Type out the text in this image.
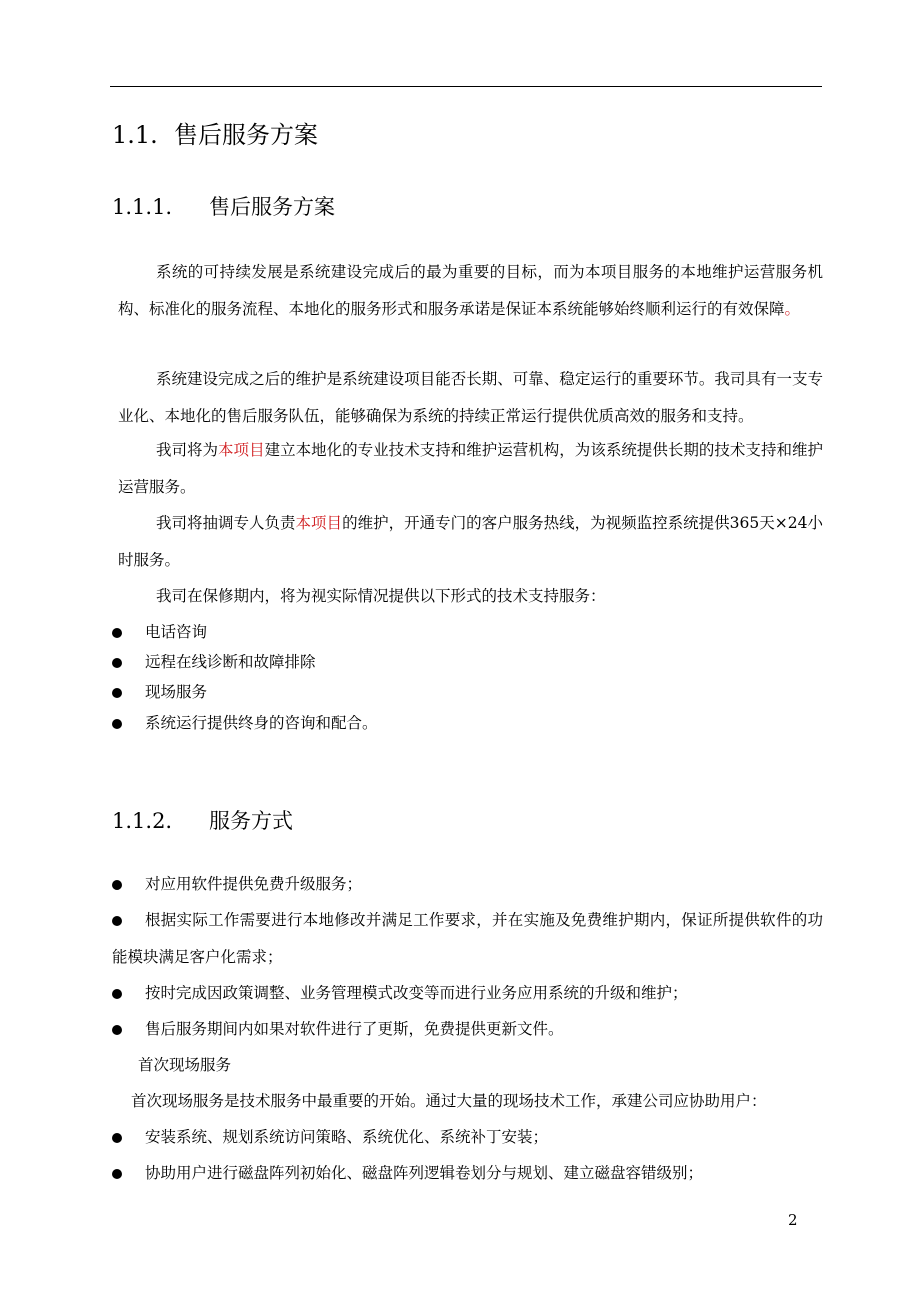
1.1. 售后服务方案
1.1.1. 售后服务方案
系统的可持续发展是系统建设完成后的最为重要的目标，而为本项目服务的本地维护运营服务机构、标准化的服务流程、本地化的服务形式和服务承诺是保证本系统能够始终顺利运行的有效保障。
系统建设完成之后的维护是系统建设项目能否长期、可靠、稳定运行的重要环节。我司具有一支专业化、本地化的售后服务队伍，能够确保为系统的持续正常运行提供优质高效的服务和支持。
我司将为本项目建立本地化的专业技术支持和维护运营机构，为该系统提供长期的技术支持和维护运营服务。
我司将抽调专人负责本项目的维护，开通专门的客户服务热线，为视频监控系统提供365天×24小时服务。
我司在保修期内，将为视实际情况提供以下形式的技术支持服务：
电话咨询
远程在线诊断和故障排除
现场服务
系统运行提供终身的咨询和配合。
1.1.2. 服务方式
对应用软件提供免费升级服务；
根据实际工作需要进行本地修改并满足工作要求，并在实施及免费维护期内，保证所提供软件的功能模块满足客户化需求；
按时完成因政策调整、业务管理模式改变等而进行业务应用系统的升级和维护；
售后服务期间内如果对软件进行了更斯，免费提供更新文件。
首次现场服务
首次现场服务是技术服务中最重要的开始。通过大量的现场技术工作，承建公司应协助用户：
安装系统、规划系统访问策略、系统优化、系统补丁安装；
协助用户进行磁盘阵列初始化、磁盘阵列逻辑卷划分与规划、建立磁盘容错级别；
2
